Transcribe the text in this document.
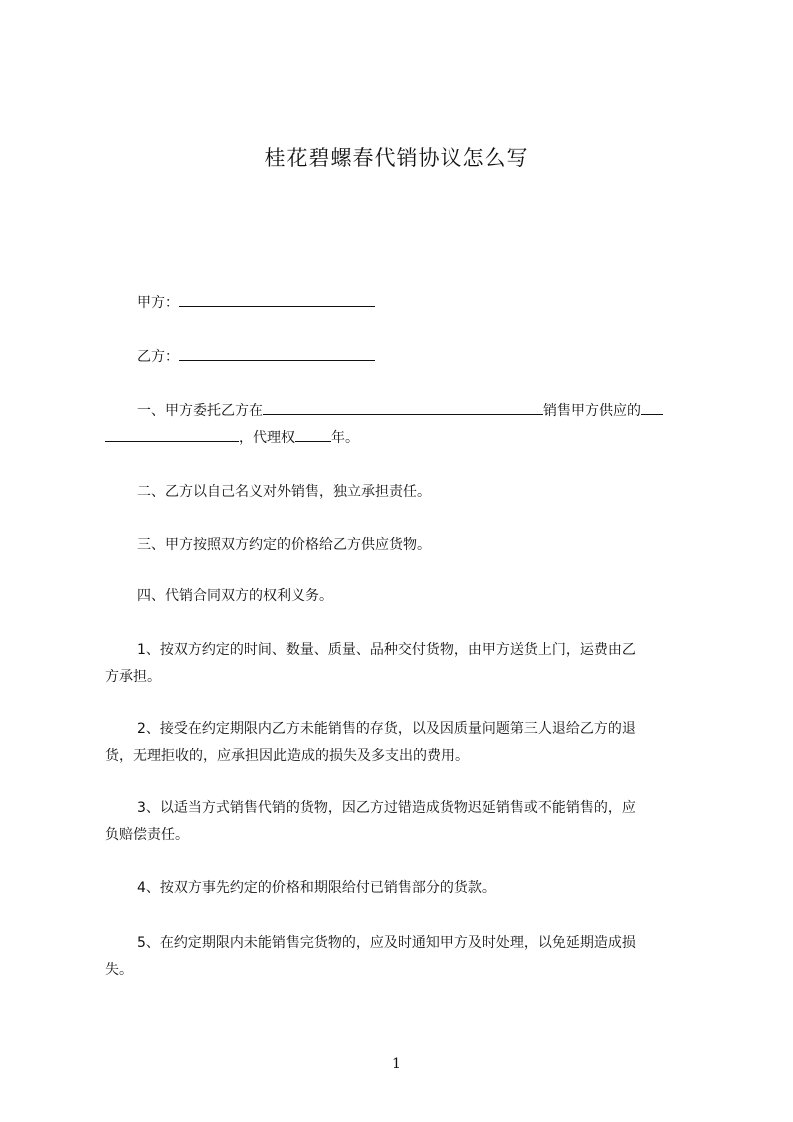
桂花碧螺春代销协议怎么写
甲方：
乙方：
一、甲方委托乙方在	销售甲方供应的
，代理权	年。
二、乙方以自己名义对外销售，独立承担责任。
三、甲方按照双方约定的价格给乙方供应货物。
四、代销合同双方的权利义务。
1、按双方约定的时间、数量、质量、品种交付货物，由甲方送货上门，运费由乙
方承担。
2、接受在约定期限内乙方未能销售的存货，以及因质量问题第三人退给乙方的退
货，无理拒收的，应承担因此造成的损失及多支出的费用。
3、以适当方式销售代销的货物，因乙方过错造成货物迟延销售或不能销售的，应
负赔偿责任。
4、按双方事先约定的价格和期限给付已销售部分的货款。
5、在约定期限内未能销售完货物的，应及时通知甲方及时处理，以免延期造成损
失。
1
